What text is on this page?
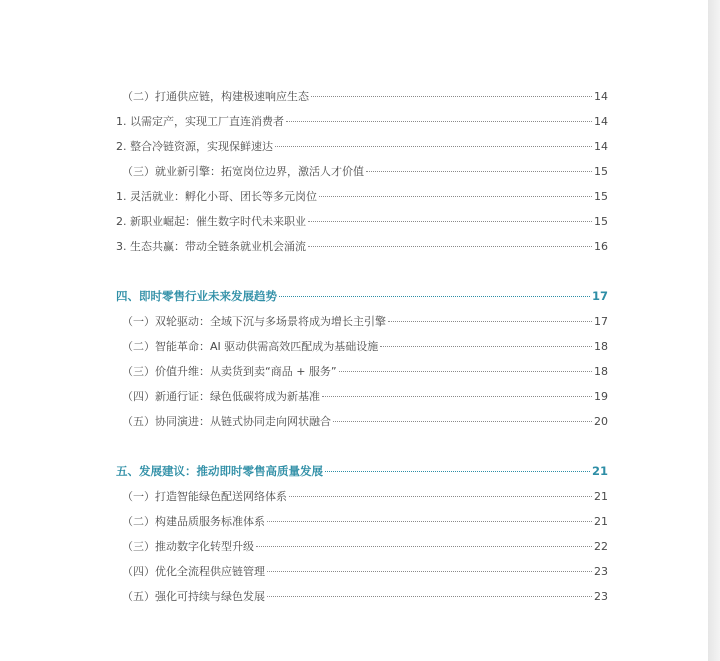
（二）打通供应链，构建极速响应生态	14
1. 以需定产，实现工厂直连消费者	14
2. 整合冷链资源，实现保鲜速达	14
（三）就业新引擎：拓宽岗位边界，激活人才价值	15
1. 灵活就业：孵化小哥、团长等多元岗位	15
2. 新职业崛起：催生数字时代未来职业	15
3. 生态共赢：带动全链条就业机会涌流	16
四、即时零售行业未来发展趋势	17
（一）双轮驱动：全域下沉与多场景将成为增长主引擎	17
（二）智能革命：AI 驱动供需高效匹配成为基础设施	18
（三）价值升维：从卖货到卖“商品 + 服务”	18
（四）新通行证：绿色低碳将成为新基准	19
（五）协同演进：从链式协同走向网状融合	20
五、发展建议：推动即时零售高质量发展	21
（一）打造智能绿色配送网络体系	21
（二）构建品质服务标准体系	21
（三）推动数字化转型升级	22
（四）优化全流程供应链管理	23
（五）强化可持续与绿色发展	23
